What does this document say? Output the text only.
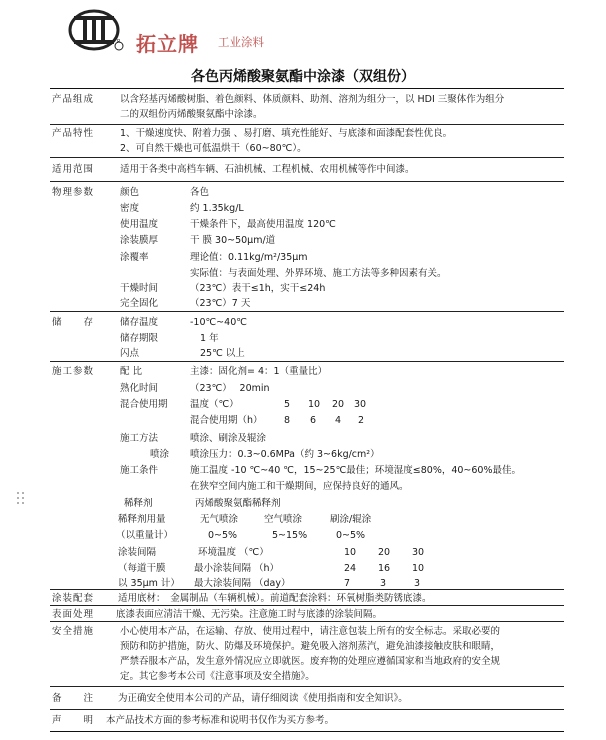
R 拓立牌 工业涂料
各色丙烯酸聚氨酯中涂漆（双组份）
产品组成	以含羟基丙烯酸树脂、着色颜料、体质颜料、助剂、溶剂为组分一，以 HDI 三聚体作为组分
二的双组份丙烯酸聚氨酯中涂漆。
产品特性	1、干燥速度快、附着力强 、易打磨、填充性能好、与底漆和面漆配套性优良。
2、可自然干燥也可低温烘干（60~80℃）。
适用范围	适用于各类中高档车辆、石油机械、工程机械、农用机械等作中间漆。
物理参数	颜色	各色
密度	约 1.35kg/L
使用温度	干燥条件下，最高使用温度 120℃
涂装膜厚	干 膜 30~50μm/道
涂覆率	理论值：0.11kg/m²/35μm
实际值：与表面处理、外界环境、施工方法等多种因素有关。
干燥时间	（23℃）表干≤1h，实干≤24h
完全固化	（23℃）7 天
储　　存	储存温度	-10℃~40℃
储存期限	1 年
闪点	25℃ 以上
施工参数	配 比	主漆：固化剂= 4：1（重量比）
熟化时间	（23℃）　 20min
混合使用期 温度（℃）	5 10 20 30
混合使用期（h） 8 6 4 2
施工方法	喷涂、刷涂及辊涂
喷涂 喷涂压力：0.3~0.6MPa（约 3~6kg/cm²）
施工条件	施工温度 -10 ℃~40 ℃，15~25℃最佳；环境湿度≤80%，40~60%最佳。
在狭窄空间内施工和干燥期间，应保持良好的通风。
稀释剂	丙烯酸聚氨酯稀释剂
稀释剂用量	无气喷涂	空气喷涂	刷涂/辊涂
（以重量计）	0~5%	5~15%	0~5%
涂装间隔	环境温度 （℃）	10 20 30
（每道干膜	最小涂装间隔 （h）	24 16 10
以 35μm 计） 最大涂装间隔 （day）	7	3	3
涂装配套	适用底材：　金属制品（车辆机械）。前道配套涂料：环氧树脂类防锈底漆。
表面处理 底漆表面应清洁干燥、无污染。注意施工时与底漆的涂装间隔。
安全措施	小心使用本产品，在运输、存放、使用过程中，请注意包装上所有的安全标志。采取必要的
预防和防护措施，防火、防爆及环境保护。避免吸入溶剂蒸汽，避免油漆接触皮肤和眼睛，
严禁吞服本产品，发生意外情况应立即就医。废弃物的处理应遵循国家和当地政府的安全规
定。其它参考本公司《注意事项及安全措施》。
备　　注	为正确安全使用本公司的产品，请仔细阅读《使用指南和安全知识》。
声　　明 本产品技术方面的参考标准和说明书仅作为买方参考。
